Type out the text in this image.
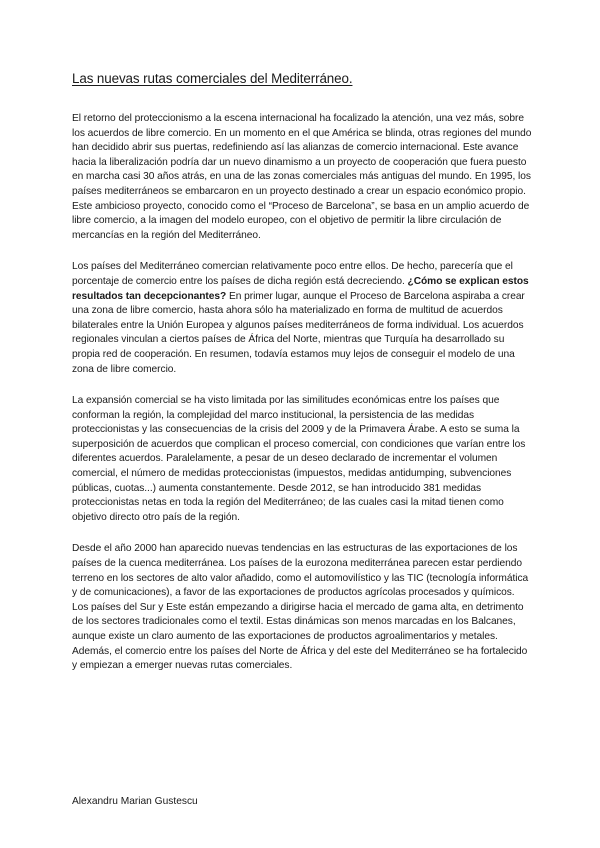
Las nuevas rutas comerciales del Mediterráneo.

El retorno del proteccionismo a la escena internacional ha focalizado la atención, una vez más, sobre los acuerdos de libre comercio. En un momento en el que América se blinda, otras regiones del mundo han decidido abrir sus puertas, redefiniendo así las alianzas de comercio internacional. Este avance hacia la liberalización podría dar un nuevo dinamismo a un proyecto de cooperación que fuera puesto en marcha casi 30 años atrás, en una de las zonas comerciales más antiguas del mundo. En 1995, los países mediterráneos se embarcaron en un proyecto destinado a crear un espacio económico propio. Este ambicioso proyecto, conocido como el “Proceso de Barcelona”, se basa en un amplio acuerdo de libre comercio, a la imagen del modelo europeo, con el objetivo de permitir la libre circulación de mercancías en la región del Mediterráneo.

Los países del Mediterráneo comercian relativamente poco entre ellos. De hecho, parecería que el porcentaje de comercio entre los países de dicha región está decreciendo. ¿Cómo se explican estos resultados tan decepcionantes? En primer lugar, aunque el Proceso de Barcelona aspiraba a crear una zona de libre comercio, hasta ahora sólo ha materializado en forma de multitud de acuerdos bilaterales entre la Unión Europea y algunos países mediterráneos de forma individual. Los acuerdos regionales vinculan a ciertos países de África del Norte, mientras que Turquía ha desarrollado su propia red de cooperación. En resumen, todavía estamos muy lejos de conseguir el modelo de una zona de libre comercio.

La expansión comercial se ha visto limitada por las similitudes económicas entre los países que conforman la región, la complejidad del marco institucional, la persistencia de las medidas proteccionistas y las consecuencias de la crisis del 2009 y de la Primavera Árabe. A esto se suma la superposición de acuerdos que complican el proceso comercial, con condiciones que varían entre los diferentes acuerdos. Paralelamente, a pesar de un deseo declarado de incrementar el volumen comercial, el número de medidas proteccionistas (impuestos, medidas antidumping, subvenciones públicas, cuotas...) aumenta constantemente. Desde 2012, se han introducido 381 medidas proteccionistas netas en toda la región del Mediterráneo; de las cuales casi la mitad tienen como objetivo directo otro país de la región.

Desde el año 2000 han aparecido nuevas tendencias en las estructuras de las exportaciones de los países de la cuenca mediterránea. Los países de la eurozona mediterránea parecen estar perdiendo terreno en los sectores de alto valor añadido, como el automovilístico y las TIC (tecnología informática y de comunicaciones), a favor de las exportaciones de productos agrícolas procesados y químicos. Los países del Sur y Este están empezando a dirigirse hacia el mercado de gama alta, en detrimento de los sectores tradicionales como el textil. Estas dinámicas son menos marcadas en los Balcanes, aunque existe un claro aumento de las exportaciones de productos agroalimentarios y metales. Además, el comercio entre los países del Norte de África y del este del Mediterráneo se ha fortalecido y empiezan a emerger nuevas rutas comerciales.

Alexandru Marian Gustescu
